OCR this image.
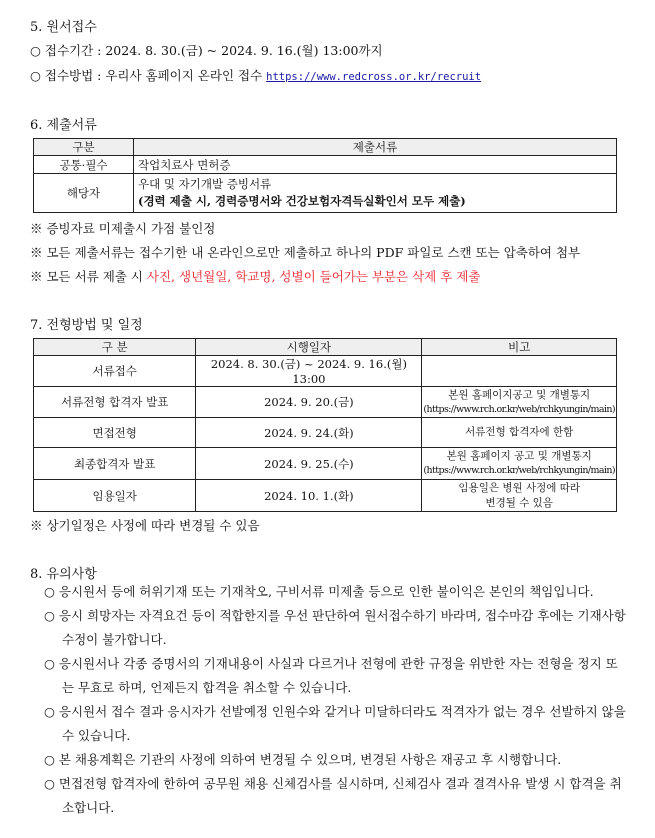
5. 원서접수
○ 접수기간 : 2024. 8. 30.(금) ~ 2024. 9. 16.(월) 13:00까지
○ 접수방법 : 우리사 홈페이지 온라인 접수 https://www.redcross.or.kr/recruit
6. 제출서류
구분	제출서류
공통·필수	작업치료사 면허증
해당자	우대 및 자기개발 증빙서류
(경력 제출 시, 경력증명서와 건강보험자격득실확인서 모두 제출)
※ 증빙자료 미제출시 가점 불인정
※ 모든 제출서류는 접수기한 내 온라인으로만 제출하고 하나의 PDF 파일로 스캔 또는 압축하여 첨부
※ 모든 서류 제출 시 사진, 생년월일, 학교명, 성별이 들어가는 부분은 삭제 후 제출
7. 전형방법 및 일정
구 분	시행일자	비고
서류접수	2024. 8. 30.(금) ~ 2024. 9. 16.(월) 13:00	
서류전형 합격자 발표	2024. 9. 20.(금)	본원 홈페이지공고 및 개별통지
(https://www.rch.or.kr/web/rchkyungin/main)

면접전형	2024. 9. 24.(화)	서류전형 합격자에 한함
최종합격자 발표	2024. 9. 25.(수)	본원 홈페이지 공고 및 개별통지
(https://www.rch.or.kr/web/rchkyungin/main)

임용일자	2024. 10. 1.(화)	임용일은 병원 사정에 따라
변경될 수 있음
※ 상기일정은 사정에 따라 변경될 수 있음
8. 유의사항
○ 응시원서 등에 허위기재 또는 기재착오, 구비서류 미제출 등으로 인한 불이익은 본인의 책임입니다.
○ 응시 희망자는 자격요건 등이 적합한지를 우선 판단하여 원서접수하기 바라며, 접수마감 후에는 기재사항 수정이 불가합니다.
○ 응시원서나 각종 증명서의 기재내용이 사실과 다르거나 전형에 관한 규정을 위반한 자는 전형을 정지 또는 무효로 하며, 언제든지 합격을 취소할 수 있습니다.
○ 응시원서 접수 결과 응시자가 선발예정 인원수와 같거나 미달하더라도 적격자가 없는 경우 선발하지 않을 수 있습니다.
○ 본 채용계획은 기관의 사정에 의하여 변경될 수 있으며, 변경된 사항은 재공고 후 시행합니다.
○ 면접전형 합격자에 한하여 공무원 채용 신체검사를 실시하며, 신체검사 결과 결격사유 발생 시 합격을 취소합니다.
